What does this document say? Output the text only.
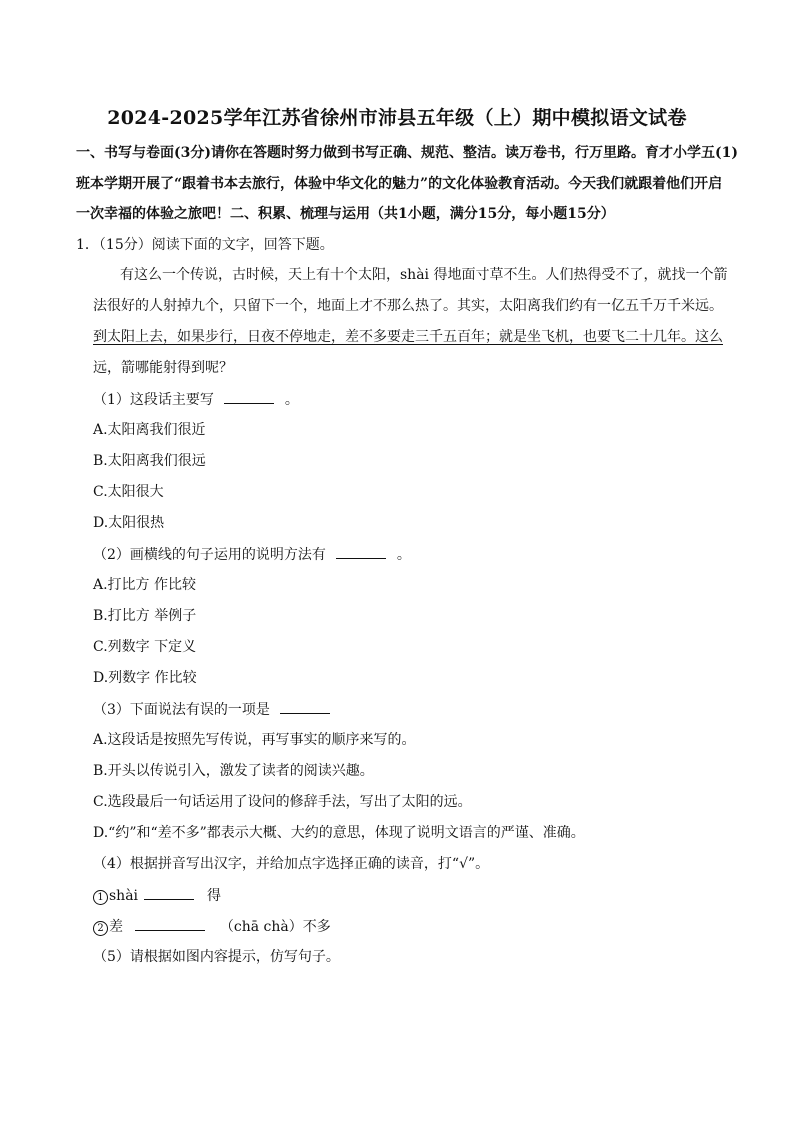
2024-2025学年江苏省徐州市沛县五年级（上）期中模拟语文试卷
一、书写与卷面(3分)请你在答题时努力做到书写正确、规范、整洁。读万卷书，行万里路。育才小学五(1)
班本学期开展了“跟着书本去旅行，体验中华文化的魅力”的文化体验教育活动。今天我们就跟着他们开启
一次幸福的体验之旅吧！二、积累、梳理与运用（共1小题，满分15分，每小题15分）
1．（15分）阅读下面的文字，回答下题。
有这么一个传说，古时候，天上有十个太阳，shài 得地面寸草不生。人们热得受不了，就找一个箭
法很好的人射掉九个，只留下一个，地面上才不那么热了。其实，太阳离我们约有一亿五千万千米远。
到太阳上去，如果步行，日夜不停地走，差不多要走三千五百年；就是坐飞机，也要飞二十几年。这么
远，箭哪能射得到呢？
（1）这段话主要写	。
A.太阳离我们很近
B.太阳离我们很远
C.太阳很大
D.太阳很热
（2）画横线的句子运用的说明方法有	。
A.打比方 作比较
B.打比方 举例子
C.列数字 下定义
D.列数字 作比较
（3）下面说法有误的一项是
A.这段话是按照先写传说，再写事实的顺序来写的。
B.开头以传说引入，激发了读者的阅读兴趣。
C.选段最后一句话运用了设问的修辞手法，写出了太阳的远。
D.“约”和“差不多”都表示大概、大约的意思，体现了说明文语言的严谨、准确。
（4）根据拼音写出汉字，并给加点字选择正确的读音，打“√”。
1 shài	得
2 差	（chā chà）不多
（5）请根据如图内容提示，仿写句子。
